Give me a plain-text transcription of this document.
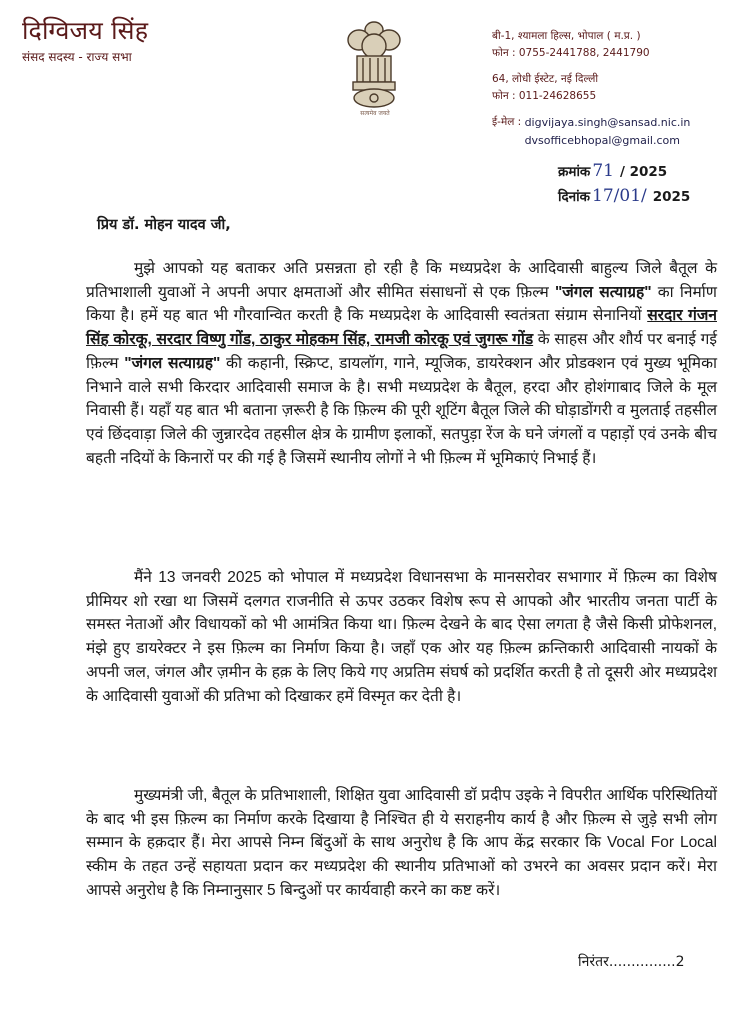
दिग्विजय सिंह
संसद सदस्य - राज्य सभा
सत्यमेव जयते
बी-1, श्यामला हिल्स, भोपाल ( म.प्र. )
फोन : 0755-2441788, 2441790
64, लोधी ईस्टेट, नई दिल्ली
फोन : 011-24628655
ई-मेल : digvijaya.singh@sansad.nic.in
dvsofficebhopal@gmail.com
क्रमांक 71 / 2025
दिनांक 17/01/ 2025
प्रिय डॉ. मोहन यादव जी,
मुझे आपको यह बताकर अति प्रसन्नता हो रही है कि मध्यप्रदेश के आदिवासी बाहुल्य जिले बैतूल के प्रतिभाशाली युवाओं ने अपनी अपार क्षमताओं और सीमित संसाधनों से एक फ़िल्म "जंगल सत्याग्रह" का निर्माण किया है। हमें यह बात भी गौरवान्वित करती है कि मध्यप्रदेश के आदिवासी स्वतंत्रता संग्राम सेनानियों सरदार गंजन सिंह कोरकू, सरदार विष्णु गोंड, ठाकुर मोहकम सिंह, रामजी कोरकू एवं जुगरू गोंड के साहस और शौर्य पर बनाई गई फ़िल्म "जंगल सत्याग्रह" की कहानी, स्क्रिप्ट, डायलॉग, गाने, म्यूजिक, डायरेक्शन और प्रोडक्शन एवं मुख्य भूमिका निभाने वाले सभी किरदार आदिवासी समाज के है। सभी मध्यप्रदेश के बैतूल, हरदा और होशंगाबाद जिले के मूल निवासी हैं। यहाँ यह बात भी बताना ज़रूरी है कि फ़िल्म की पूरी शूटिंग बैतूल जिले की घोड़ाडोंगरी व मुलताई तहसील एवं छिंदवाड़ा जिले की जुन्नारदेव तहसील क्षेत्र के ग्रामीण इलाकों, सतपुड़ा रेंज के घने जंगलों व पहाड़ों एवं उनके बीच बहती नदियों के किनारों पर की गई है जिसमें स्थानीय लोगों ने भी फ़िल्म में भूमिकाएं निभाई हैं।
मैंने 13 जनवरी 2025 को भोपाल में मध्यप्रदेश विधानसभा के मानसरोवर सभागार में फ़िल्म का विशेष प्रीमियर शो रखा था जिसमें दलगत राजनीति से ऊपर उठकर विशेष रूप से आपको और भारतीय जनता पार्टी के समस्त नेताओं और विधायकों को भी आमंत्रित किया था। फ़िल्म देखने के बाद ऐसा लगता है जैसे किसी प्रोफेशनल, मंझे हुए डायरेक्टर ने इस फ़िल्म का निर्माण किया है। जहाँ एक ओर यह फ़िल्म क्रन्तिकारी आदिवासी नायकों के अपनी जल, जंगल और ज़मीन के हक़ के लिए किये गए अप्रतिम संघर्ष को प्रदर्शित करती है तो दूसरी ओर मध्यप्रदेश के आदिवासी युवाओं की प्रतिभा को दिखाकर हमें विस्मृत कर देती है।
मुख्यमंत्री जी, बैतूल के प्रतिभाशाली, शिक्षित युवा आदिवासी डॉ प्रदीप उइके ने विपरीत आर्थिक परिस्थितियों के बाद भी इस फ़िल्म का निर्माण करके दिखाया है निश्चित ही ये सराहनीय कार्य है और फ़िल्म से जुड़े सभी लोग सम्मान के हक़दार हैं। मेरा आपसे निम्न बिंदुओं के साथ अनुरोध है कि आप केंद्र सरकार कि Vocal For Local स्कीम के तहत उन्हें सहायता प्रदान कर मध्यप्रदेश की स्थानीय प्रतिभाओं को उभरने का अवसर प्रदान करें। मेरा आपसे अनुरोध है कि निम्नानुसार 5 बिन्दुओं पर कार्यवाही करने का कष्ट करें।
निरंतर...............2
